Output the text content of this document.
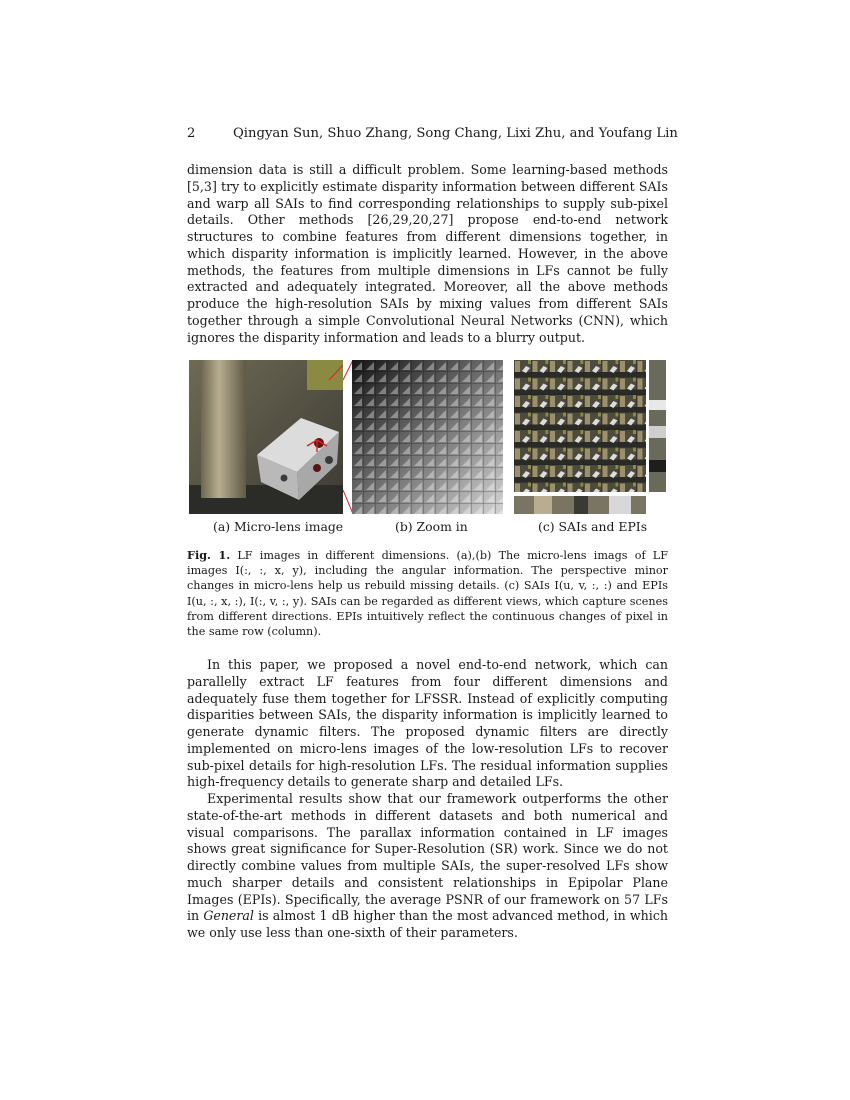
2	Qingyan Sun, Shuo Zhang, Song Chang, Lixi Zhu, and Youfang Lin

dimension data is still a difficult problem. Some learning-based methods [5,3] try to explicitly estimate disparity information between different SAIs and warp all SAIs to find corresponding relationships to supply sub-pixel details. Other methods [26,29,20,27] propose end-to-end network structures to combine features from different dimensions together, in which disparity information is implicitly learned. However, in the above methods, the features from multiple dimensions in LFs cannot be fully extracted and adequately integrated. Moreover, all the above methods produce the high-resolution SAIs by mixing values from different SAIs together through a simple Convolutional Neural Networks (CNN), which ignores the disparity information and leads to a blurry output.

(a) Micro-lens image	(b) Zoom in	(c) SAIs and EPIs

Fig. 1. LF images in different dimensions. (a),(b) The micro-lens imags of LF images I(:, :, x, y), including the angular information. The perspective minor changes in micro-lens help us rebuild missing details. (c) SAIs I(u, v, :, :) and EPIs I(u, :, x, :), I(:, v, :, y). SAIs can be regarded as different views, which capture scenes from different directions. EPIs intuitively reflect the continuous changes of pixel in the same row (column).

In this paper, we proposed a novel end-to-end network, which can parallelly extract LF features from four different dimensions and adequately fuse them together for LFSSR. Instead of explicitly computing disparities between SAIs, the disparity information is implicitly learned to generate dynamic filters. The proposed dynamic filters are directly implemented on micro-lens images of the low-resolution LFs to recover sub-pixel details for high-resolution LFs. The residual information supplies high-frequency details to generate sharp and detailed LFs.

Experimental results show that our framework outperforms the other state-of-the-art methods in different datasets and both numerical and visual comparisons. The parallax information contained in LF images shows great significance for Super-Resolution (SR) work. Since we do not directly combine values from multiple SAIs, the super-resolved LFs show much sharper details and consistent relationships in Epipolar Plane Images (EPIs). Specifically, the average PSNR of our framework on 57 LFs in General is almost 1 dB higher than the most advanced method, in which we only use less than one-sixth of their parameters.
